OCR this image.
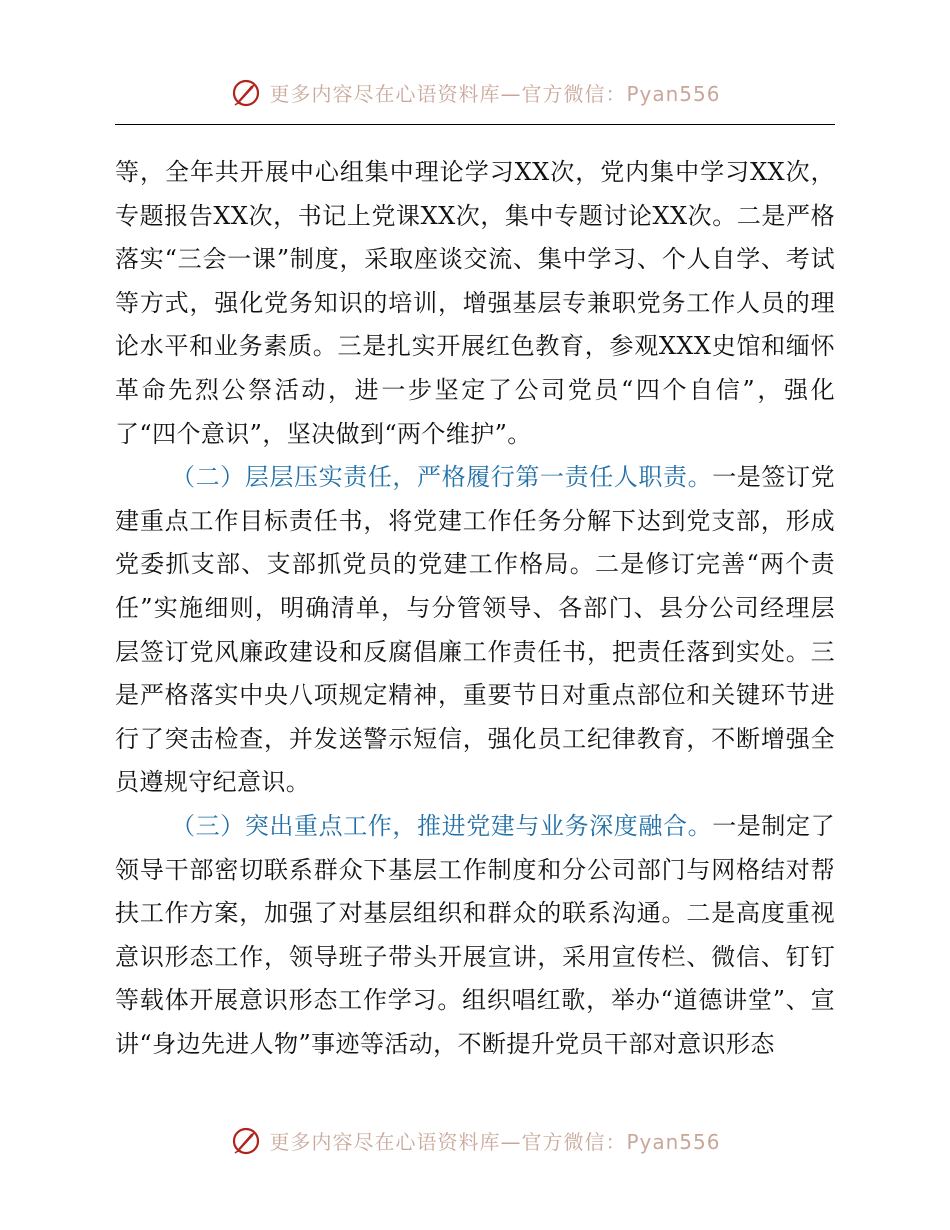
更多内容尽在心语资料库—官方微信：Pyan556

等，全年共开展中心组集中理论学习XX次，党内集中学习XX次，专题报告XX次，书记上党课XX次，集中专题讨论XX次。二是严格落实“三会一课”制度，采取座谈交流、集中学习、个人自学、考试等方式，强化党务知识的培训，增强基层专兼职党务工作人员的理论水平和业务素质。三是扎实开展红色教育，参观XXX史馆和缅怀革命先烈公祭活动，进一步坚定了公司党员“四个自信”，强化了“四个意识”，坚决做到“两个维护”。

（二）层层压实责任，严格履行第一责任人职责。一是签订党建重点工作目标责任书，将党建工作任务分解下达到党支部，形成党委抓支部、支部抓党员的党建工作格局。二是修订完善“两个责任”实施细则，明确清单，与分管领导、各部门、县分公司经理层层签订党风廉政建设和反腐倡廉工作责任书，把责任落到实处。三是严格落实中央八项规定精神，重要节日对重点部位和关键环节进行了突击检查，并发送警示短信，强化员工纪律教育，不断增强全员遵规守纪意识。

（三）突出重点工作，推进党建与业务深度融合。一是制定了领导干部密切联系群众下基层工作制度和分公司部门与网格结对帮扶工作方案，加强了对基层组织和群众的联系沟通。二是高度重视意识形态工作，领导班子带头开展宣讲，采用宣传栏、微信、钉钉等载体开展意识形态工作学习。组织唱红歌，举办“道德讲堂”、宣讲“身边先进人物”事迹等活动，不断提升党员干部对意识形态

更多内容尽在心语资料库—官方微信：Pyan556
